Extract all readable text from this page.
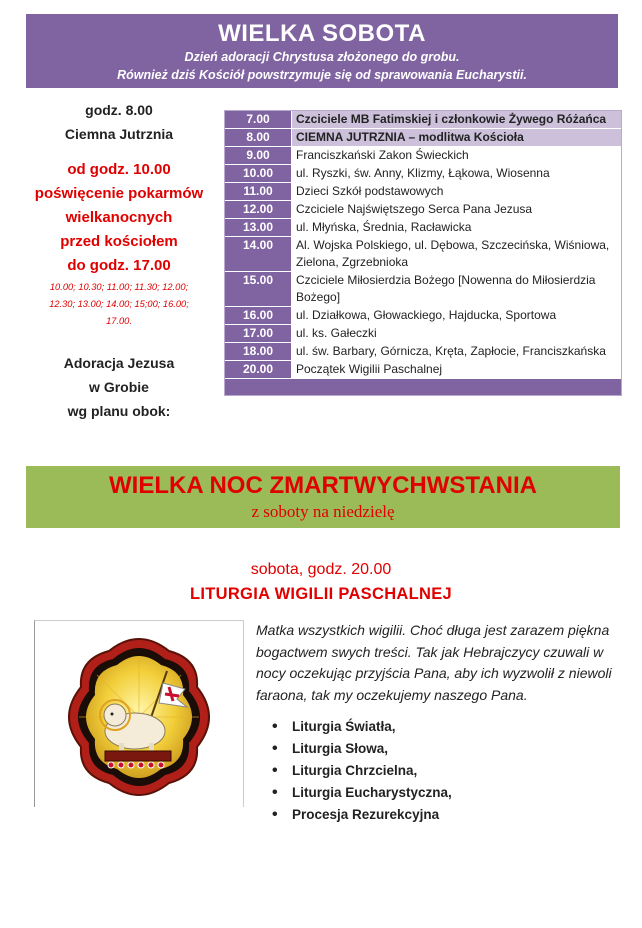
WIELKA SOBOTA
Dzień adoracji Chrystusa złożonego do grobu.
Również dziś Kościół powstrzymuje się od sprawowania Eucharystii.
godz. 8.00
Ciemna Jutrznia
od godz. 10.00
poświęcenie pokarmów
wielkanocnych
przed kościołem
do godz. 17.00
10.00; 10.30; 11.00; 11.30; 12.00;
12.30; 13.00; 14.00; 15;00; 16.00;
17.00.
Adoracja Jezusa
w Grobie
wg planu obok:
7.00	Czciciele MB Fatimskiej i członkowie Żywego Różańca
8.00	CIEMNA JUTRZNIA – modlitwa Kościoła
9.00	Franciszkański Zakon Świeckich
10.00	ul. Ryszki, św. Anny, Klizmy, Łąkowa, Wiosenna
11.00	Dzieci Szkół podstawowych
12.00	Czciciele Najświętszego Serca Pana Jezusa
13.00	ul. Młyńska, Średnia, Racławicka
14.00	Al. Wojska Polskiego, ul. Dębowa, Szczecińska, Wiśniowa, Zielona, Zgrzebnioka
15.00	Czciciele Miłosierdzia Bożego [Nowenna do Miłosierdzia Bożego]
16.00	ul. Działkowa, Głowackiego, Hajducka, Sportowa
17.00	ul. ks. Gałeczki
18.00	ul. św. Barbary, Górnicza, Kręta, Zapłocie, Franciszkańska
20.00	Początek Wigilii Paschalnej
WIELKA NOC ZMARTWYCHWSTANIA
z soboty na niedzielę
sobota, godz. 20.00
LITURGIA WIGILII PASCHALNEJ
Matka wszystkich wigilii. Choć długa jest zarazem piękna bogactwem swych treści. Tak jak Hebrajczycy czuwali w nocy oczekując przyjścia Pana, aby ich wyzwolił z niewoli faraona, tak my oczekujemy naszego Pana.
• Liturgia Światła,
• Liturgia Słowa,
• Liturgia Chrzcielna,
• Liturgia Eucharystyczna,
• Procesja Rezurekcyjna
